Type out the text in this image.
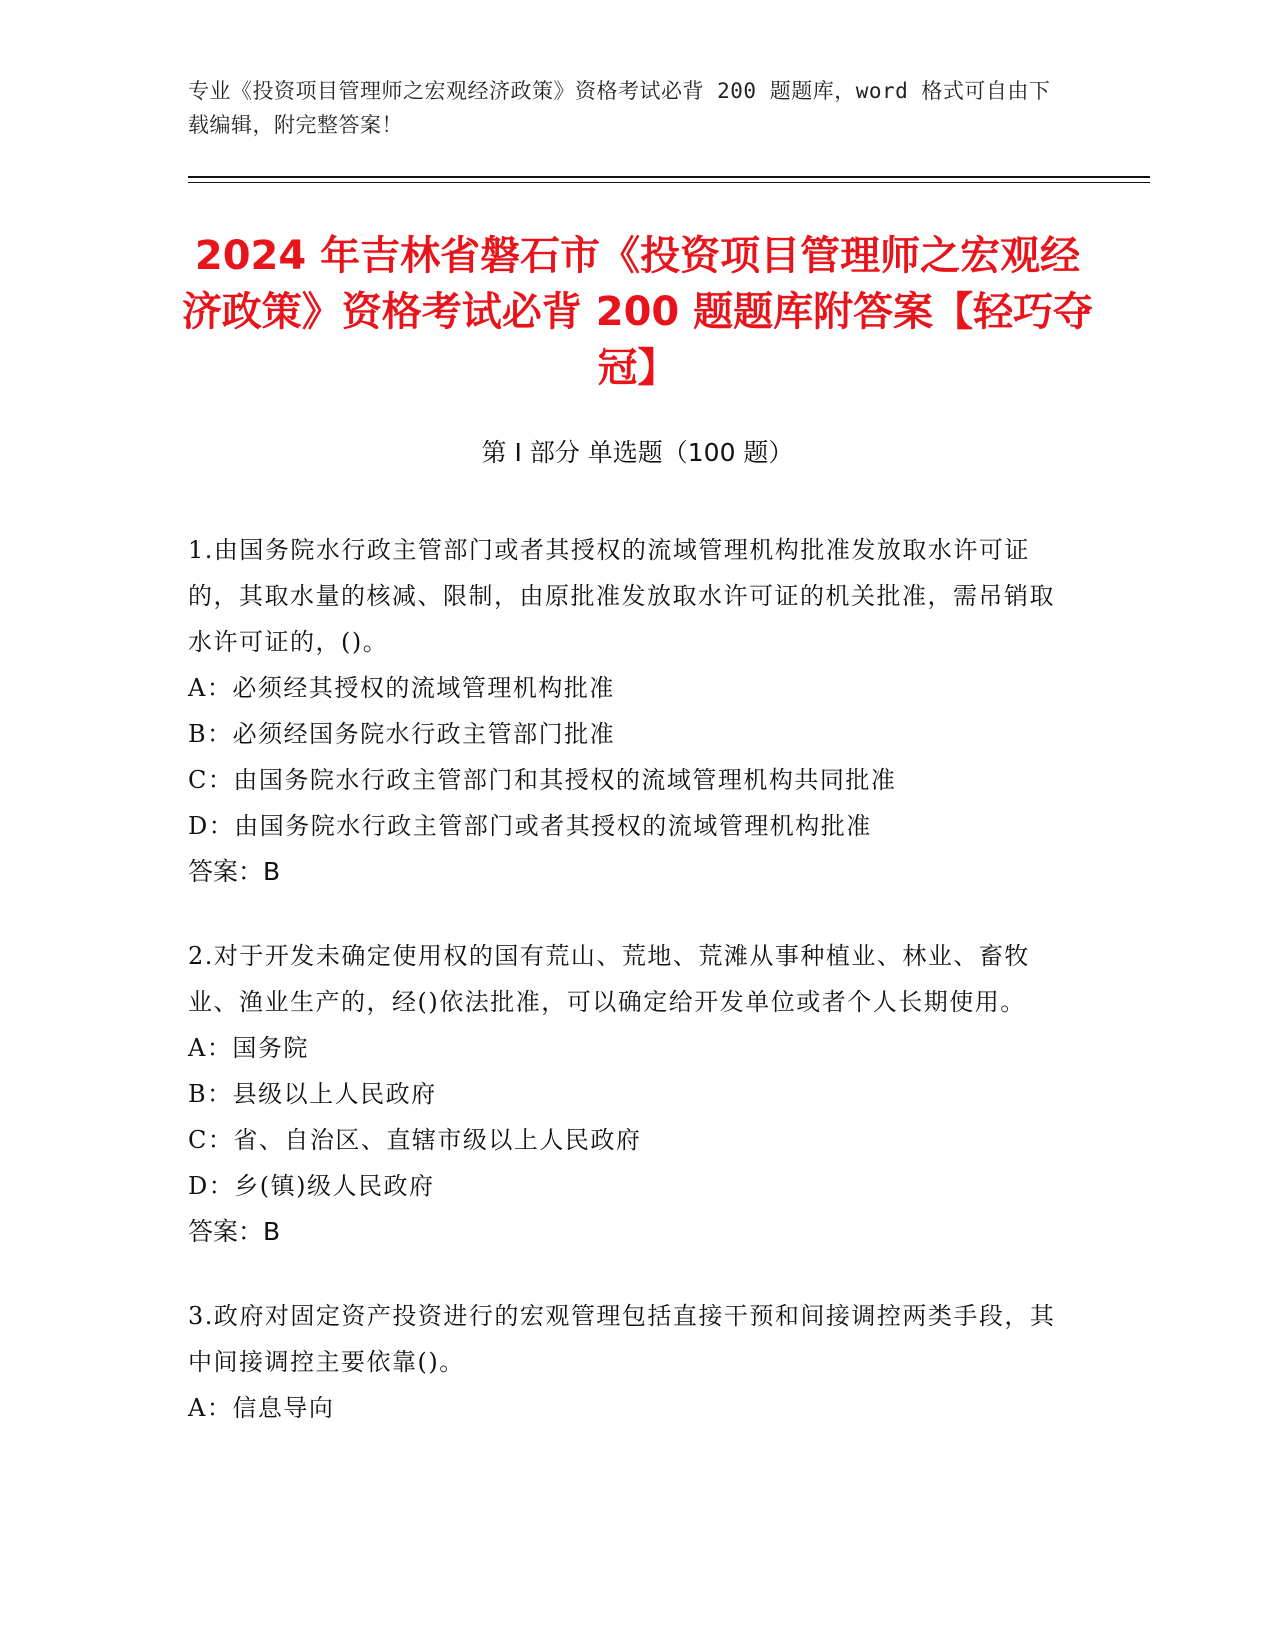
专业《投资项目管理师之宏观经济政策》资格考试必背 200 题题库，word 格式可自由下载编辑，附完整答案！
2024 年吉林省磐石市《投资项目管理师之宏观经济政策》资格考试必背 200 题题库附答案【轻巧夺冠】
第 I 部分 单选题（100 题）
1.由国务院水行政主管部门或者其授权的流域管理机构批准发放取水许可证的，其取水量的核减、限制，由原批准发放取水许可证的机关批准，需吊销取水许可证的，()。
A：必须经其授权的流域管理机构批准
B：必须经国务院水行政主管部门批准
C：由国务院水行政主管部门和其授权的流域管理机构共同批准
D：由国务院水行政主管部门或者其授权的流域管理机构批准
答案：B
2.对于开发未确定使用权的国有荒山、荒地、荒滩从事种植业、林业、畜牧业、渔业生产的，经()依法批准，可以确定给开发单位或者个人长期使用。
A：国务院
B：县级以上人民政府
C：省、自治区、直辖市级以上人民政府
D：乡(镇)级人民政府
答案：B
3.政府对固定资产投资进行的宏观管理包括直接干预和间接调控两类手段，其中间接调控主要依靠()。
A：信息导向
